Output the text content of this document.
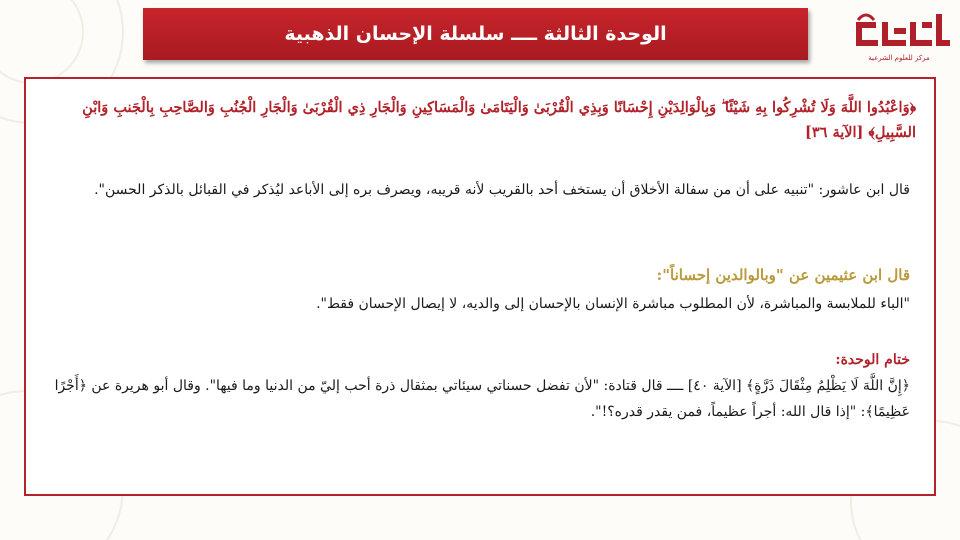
الوحدة الثالثة ــــ سلسلة الإحسان الذهبية
مركز للعلوم الشرعية
﴿وَاعْبُدُوا اللَّهَ وَلَا تُشْرِكُوا بِهِ شَيْئًا ۖ وَبِالْوَالِدَيْنِ إِحْسَانًا وَبِذِي الْقُرْبَىٰ وَالْيَتَامَىٰ وَالْمَسَاكِينِ وَالْجَارِ ذِي الْقُرْبَىٰ وَالْجَارِ الْجُنُبِ وَالصَّاحِبِ بِالْجَنبِ وَابْنِ السَّبِيلِ﴾ [الآية ٣٦]
قال ابن عاشور: "تنبيه على أن من سفالة الأخلاق أن يستخف أحد بالقريب لأنه قريبه، ويصرف بره إلى الأباعد ليُذكر في القبائل بالذكر الحسن".
قال ابن عثيمين عن "وبالوالدين إحساناً":
"الباء للملابسة والمباشرة، لأن المطلوب مباشرة الإنسان بالإحسان إلى والديه، لا إيصال الإحسان فقط".
ختام الوحدة:
﴿إِنَّ اللَّهَ لَا يَظْلِمُ مِثْقَالَ ذَرَّةٍ﴾ [الآية ٤٠] ــــ قال قتادة: "لأن تفضل حسناتي سيئاتي بمثقال ذرة أحب إليّ من الدنيا وما فيها". وقال أبو هريرة عن ﴿أَجْرًا عَظِيمًا﴾: "إذا قال الله: أجراً عظيماً، فمن يقدر قدره؟!".
